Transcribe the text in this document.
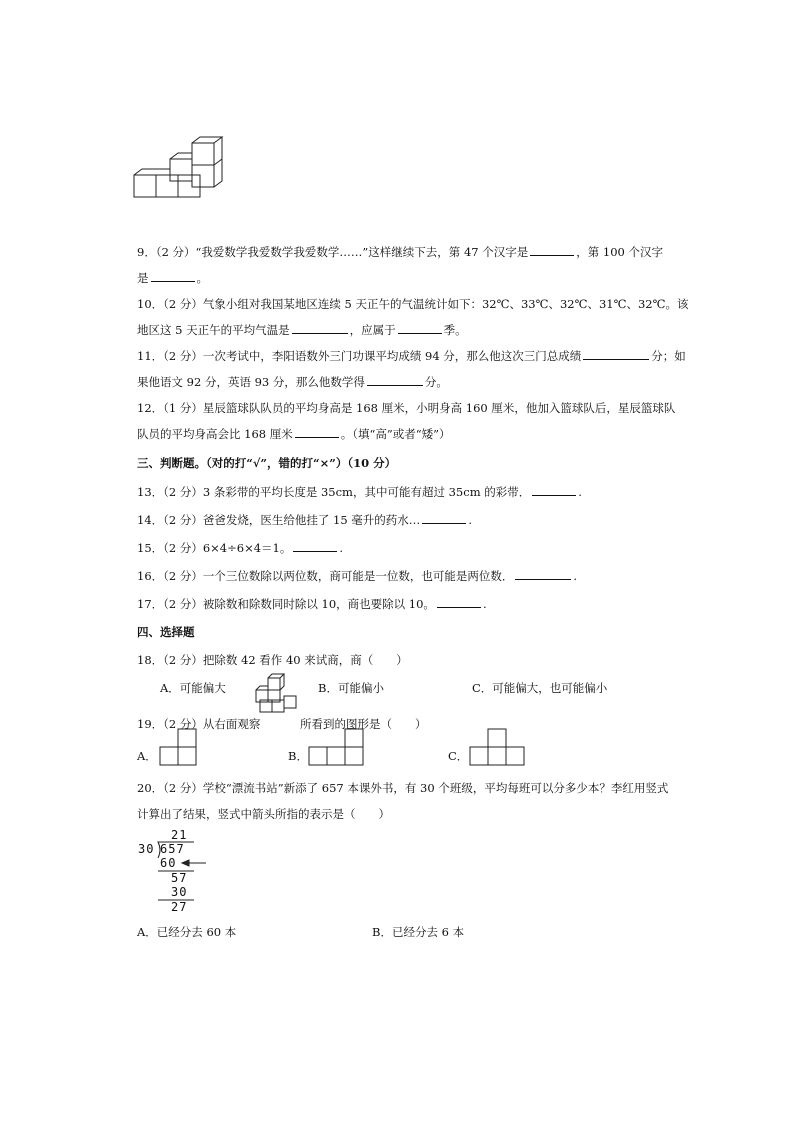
9．（2 分）“我爱数学我爱数学我爱数学……”这样继续下去，第 47 个汉字是	，第 100 个汉字
是	。
10．（2 分）气象小组对我国某地区连续 5 天正午的气温统计如下：32℃、33℃、32℃、31℃、32℃。该
地区这 5 天正午的平均气温是	，应属于	季。
11．（2 分）一次考试中，李阳语数外三门功课平均成绩 94 分，那么他这次三门总成绩	分；如
果他语文 92 分，英语 93 分，那么他数学得	分。
12．（1 分）星辰篮球队队员的平均身高是 168 厘米，小明身高 160 厘米，他加入篮球队后，星辰篮球队
队员的平均身高会比 168 厘米	。（填“高”或者“矮”）
三、判断题。（对的打“√”，错的打“×”）（10 分）
13．（2 分）3 条彩带的平均长度是 35cm，其中可能有超过 35cm 的彩带．	.
14．（2 分）爸爸发烧，医生给他挂了 15 毫升的药水…	.
15．（2 分）6×4÷6×4＝1。	.
16．（2 分）一个三位数除以两位数，商可能是一位数，也可能是两位数．	.
17．（2 分）被除数和除数同时除以 10，商也要除以 10。	.
四、选择题
18．（2 分）把除数 42 看作 40 来试商，商（　　）
A．可能偏大	B．可能偏小	C．可能偏大，也可能偏小
19．（2 分）从右面观察	所看到的图形是（　　）
A．	B．	C．
20．（2 分）学校“漂流书站”新添了 657 本课外书，有 30 个班级，平均每班可以分多少本？李红用竖式
计算出了结果，竖式中箭头所指的表示是（　　）
21
30 657
60
57
30
27
A．已经分去 60 本	B．已经分去 6 本
